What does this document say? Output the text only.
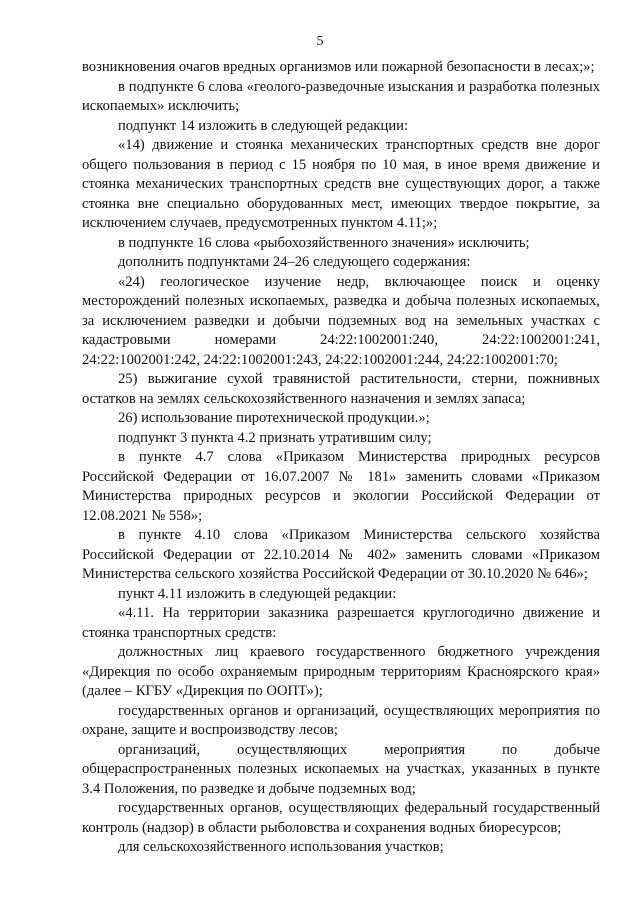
5

возникновения очагов вредных организмов или пожарной безопасности в лесах;»;

в подпункте 6 слова «геолого-разведочные изыскания и разработка полезных ископаемых» исключить;

подпункт 14 изложить в следующей редакции:

«14) движение и стоянка механических транспортных средств вне дорог общего пользования в период с 15 ноября по 10 мая, в иное время движение и стоянка механических транспортных средств вне существующих дорог, а также стоянка вне специально оборудованных мест, имеющих твердое покрытие, за исключением случаев, предусмотренных пунктом 4.11;»;

в подпункте 16 слова «рыбохозяйственного значения» исключить;

дополнить подпунктами 24–26 следующего содержания:

«24) геологическое изучение недр, включающее поиск и оценку месторождений полезных ископаемых, разведка и добыча полезных ископаемых, за исключением разведки и добычи подземных вод на земельных участках с кадастровыми номерами 24:22:1002001:240, 24:22:1002001:241, 24:22:1002001:242, 24:22:1002001:243, 24:22:1002001:244, 24:22:1002001:70;

25) выжигание сухой травянистой растительности, стерни, пожнивных остатков на землях сельскохозяйственного назначения и землях запаса;

26) использование пиротехнической продукции.»;

подпункт 3 пункта 4.2 признать утратившим силу;

в пункте 4.7 слова «Приказом Министерства природных ресурсов Российской Федерации от 16.07.2007 № 181» заменить словами «Приказом Министерства природных ресурсов и экологии Российской Федерации от 12.08.2021 № 558»;

в пункте 4.10 слова «Приказом Министерства сельского хозяйства Российской Федерации от 22.10.2014 № 402» заменить словами «Приказом Министерства сельского хозяйства Российской Федерации от 30.10.2020 № 646»;

пункт 4.11 изложить в следующей редакции:

«4.11. На территории заказника разрешается круглогодично движение и стоянка транспортных средств:

должностных лиц краевого государственного бюджетного учреждения «Дирекция по особо охраняемым природным территориям Красноярского края» (далее – КГБУ «Дирекция по ООПТ»);

государственных органов и организаций, осуществляющих мероприятия по охране, защите и воспроизводству лесов;

организаций, осуществляющих мероприятия по добыче общераспространенных полезных ископаемых на участках, указанных в пункте 3.4 Положения, по разведке и добыче подземных вод;

государственных органов, осуществляющих федеральный государственный контроль (надзор) в области рыболовства и сохранения водных биоресурсов;

для сельскохозяйственного использования участков;
